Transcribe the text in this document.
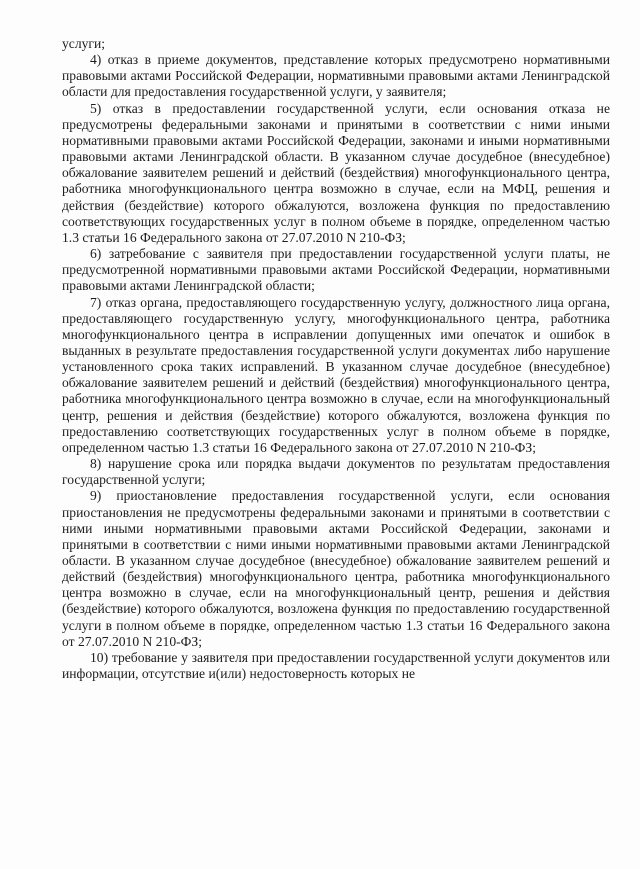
услуги;

4) отказ в приеме документов, представление которых предусмотрено нормативными правовыми актами Российской Федерации, нормативными правовыми актами Ленинградской области для предоставления государственной услуги, у заявителя;

5) отказ в предоставлении государственной услуги, если основания отказа не предусмотрены федеральными законами и принятыми в соответствии с ними иными нормативными правовыми актами Российской Федерации, законами и иными нормативными правовыми актами Ленинградской области. В указанном случае досудебное (внесудебное) обжалование заявителем решений и действий (бездействия) многофункционального центра, работника многофункционального центра возможно в случае, если на МФЦ, решения и действия (бездействие) которого обжалуются, возложена функция по предоставлению соответствующих государственных услуг в полном объеме в порядке, определенном частью 1.3 статьи 16 Федерального закона от 27.07.2010 N 210-ФЗ;

6) затребование с заявителя при предоставлении государственной услуги платы, не предусмотренной нормативными правовыми актами Российской Федерации, нормативными правовыми актами Ленинградской области;

7) отказ органа, предоставляющего государственную услугу, должностного лица органа, предоставляющего государственную услугу, многофункционального центра, работника многофункционального центра в исправлении допущенных ими опечаток и ошибок в выданных в результате предоставления государственной услуги документах либо нарушение установленного срока таких исправлений. В указанном случае досудебное (внесудебное) обжалование заявителем решений и действий (бездействия) многофункционального центра, работника многофункционального центра возможно в случае, если на многофункциональный центр, решения и действия (бездействие) которого обжалуются, возложена функция по предоставлению соответствующих государственных услуг в полном объеме в порядке, определенном частью 1.3 статьи 16 Федерального закона от 27.07.2010 N 210-ФЗ;

8) нарушение срока или порядка выдачи документов по результатам предоставления государственной услуги;

9) приостановление предоставления государственной услуги, если основания приостановления не предусмотрены федеральными законами и принятыми в соответствии с ними иными нормативными правовыми актами Российской Федерации, законами и принятыми в соответствии с ними иными нормативными правовыми актами Ленинградской области. В указанном случае досудебное (внесудебное) обжалование заявителем решений и действий (бездействия) многофункционального центра, работника многофункционального центра возможно в случае, если на многофункциональный центр, решения и действия (бездействие) которого обжалуются, возложена функция по предоставлению государственной услуги в полном объеме в порядке, определенном частью 1.3 статьи 16 Федерального закона от 27.07.2010 N 210-ФЗ;

10) требование у заявителя при предоставлении государственной услуги документов или информации, отсутствие и(или) недостоверность которых не
